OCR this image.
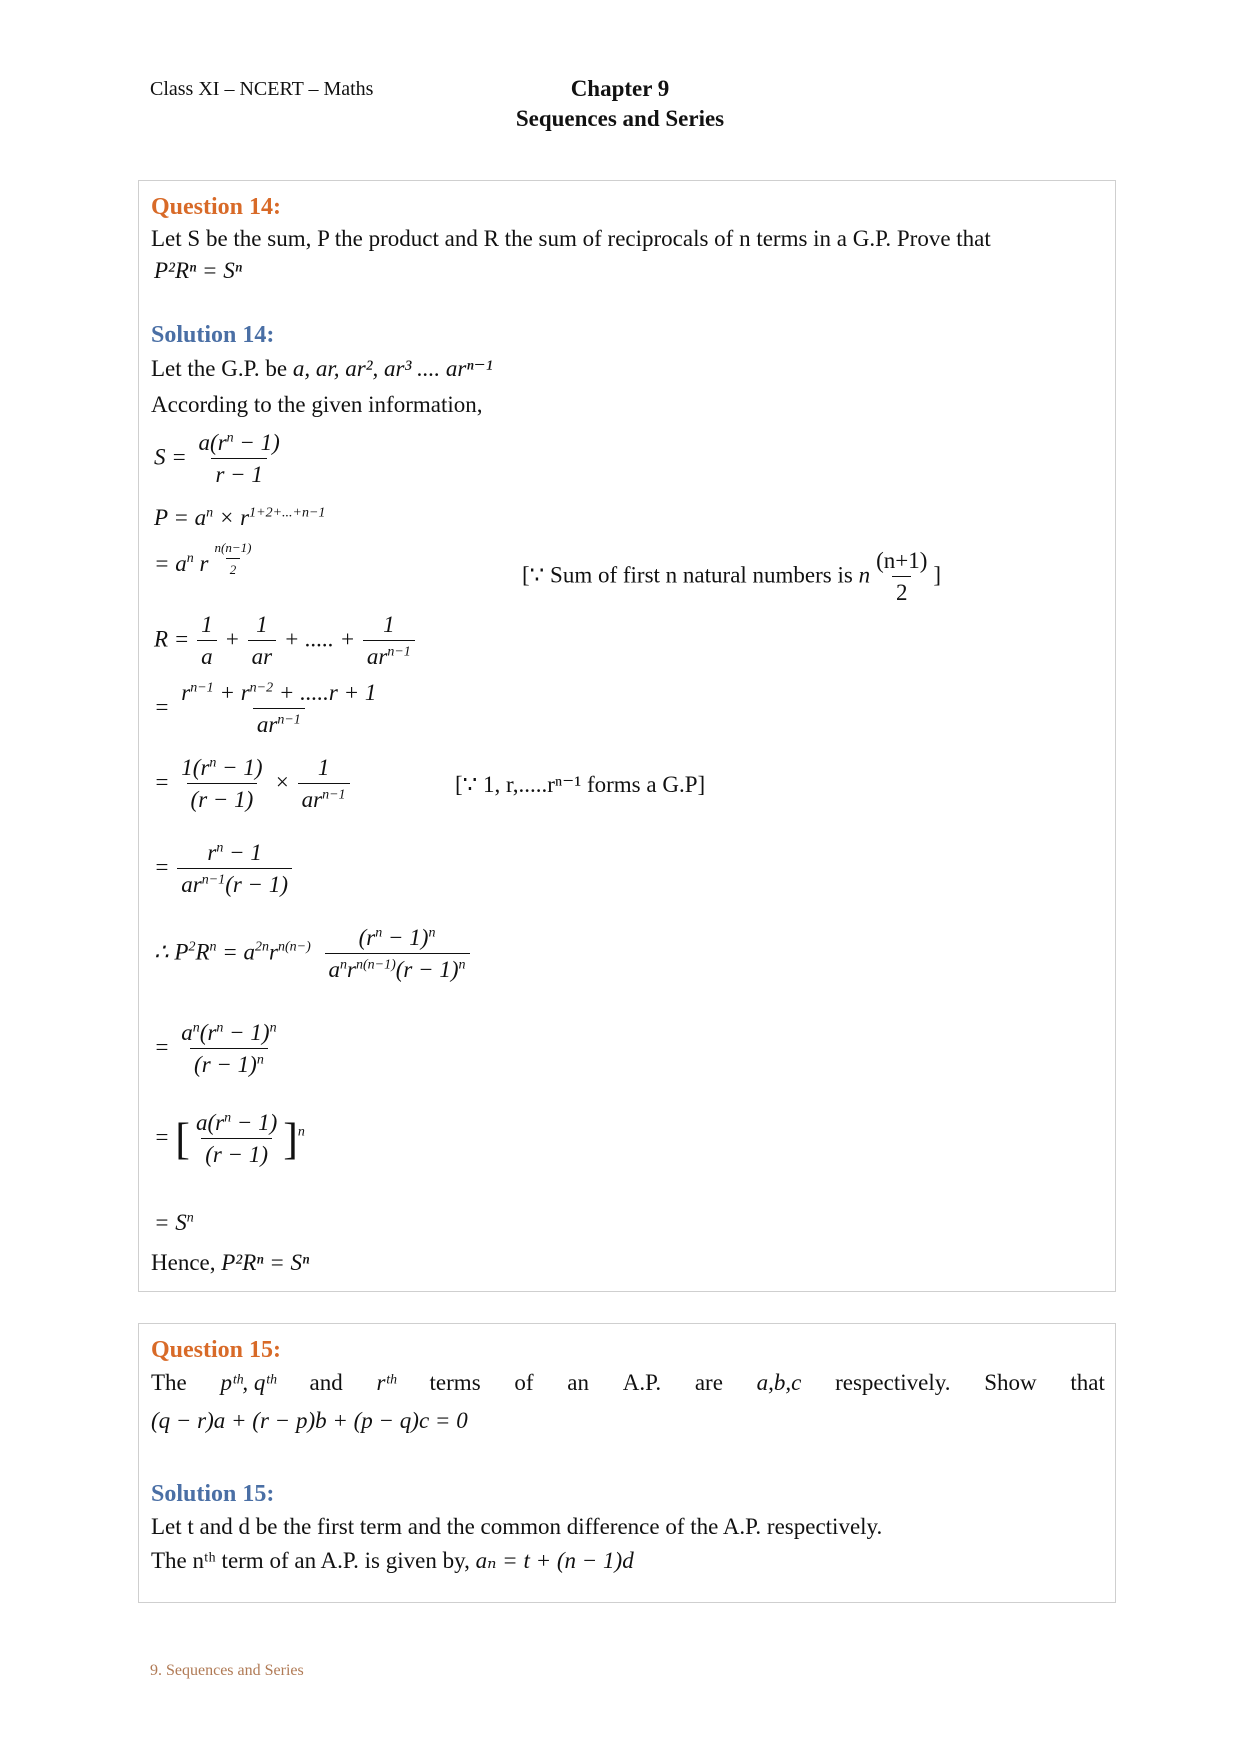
Class XI – NCERT – Maths	Chapter 9
Sequences and Series
Question 14:
Let S be the sum, P the product and R the sum of reciprocals of n terms in a G.P. Prove that
P²Rⁿ = Sⁿ
Solution 14:
Let the G.P. be a, ar, ar², ar³ .... arⁿ⁻¹
According to the given information,
$S = \frac{a(r^n - 1)}{r - 1}$
$P = a^n \times r^{1+2+...+n-1}$
= $a^n$ r $^{\frac{n(n-1)}{2}}$	[∵ Sum of first n natural numbers is n $\frac{(n+1)}{2}$ ]
$R = \frac{1}{a} + \frac{1}{ar}$ + ..... + $\frac{1}{ar^{n-1}}$
= $\frac{r^{n-1} + r^{n-2} + .....r + 1}{ar^{n-1}}$
= $\frac{1(r^n - 1)}{(r - 1)} \times \frac{1}{ar^{n-1}}$	[∵ 1, r,.....rⁿ⁻¹ forms a G.P]
= $\frac{r^n - 1}{ar^{n-1}(r - 1)}$
∴ $P^2R^n = a^{2n}r^{n(n-)} \frac{(r^n - 1)^n}{a^nr^{n(n-1)}(r - 1)^n}$
= $\frac{a^n(r^n - 1)^n}{(r - 1)^n}$
= [ $\frac{a(r^n - 1)}{(r - 1)} ]^n$
= $S^n$
Hence, P²Rⁿ = Sⁿ
Question 15:
The pᵗʰ, qᵗʰ and rᵗʰ terms of an A.P. are a,b,c respectively. Show that
(q − r)a + (r − p)b + (p − q)c = 0
Solution 15:
Let t and d be the first term and the common difference of the A.P. respectively.
The nᵗʰ term of an A.P. is given by, aₙ = t + (n − 1)d
9. Sequences and Series
